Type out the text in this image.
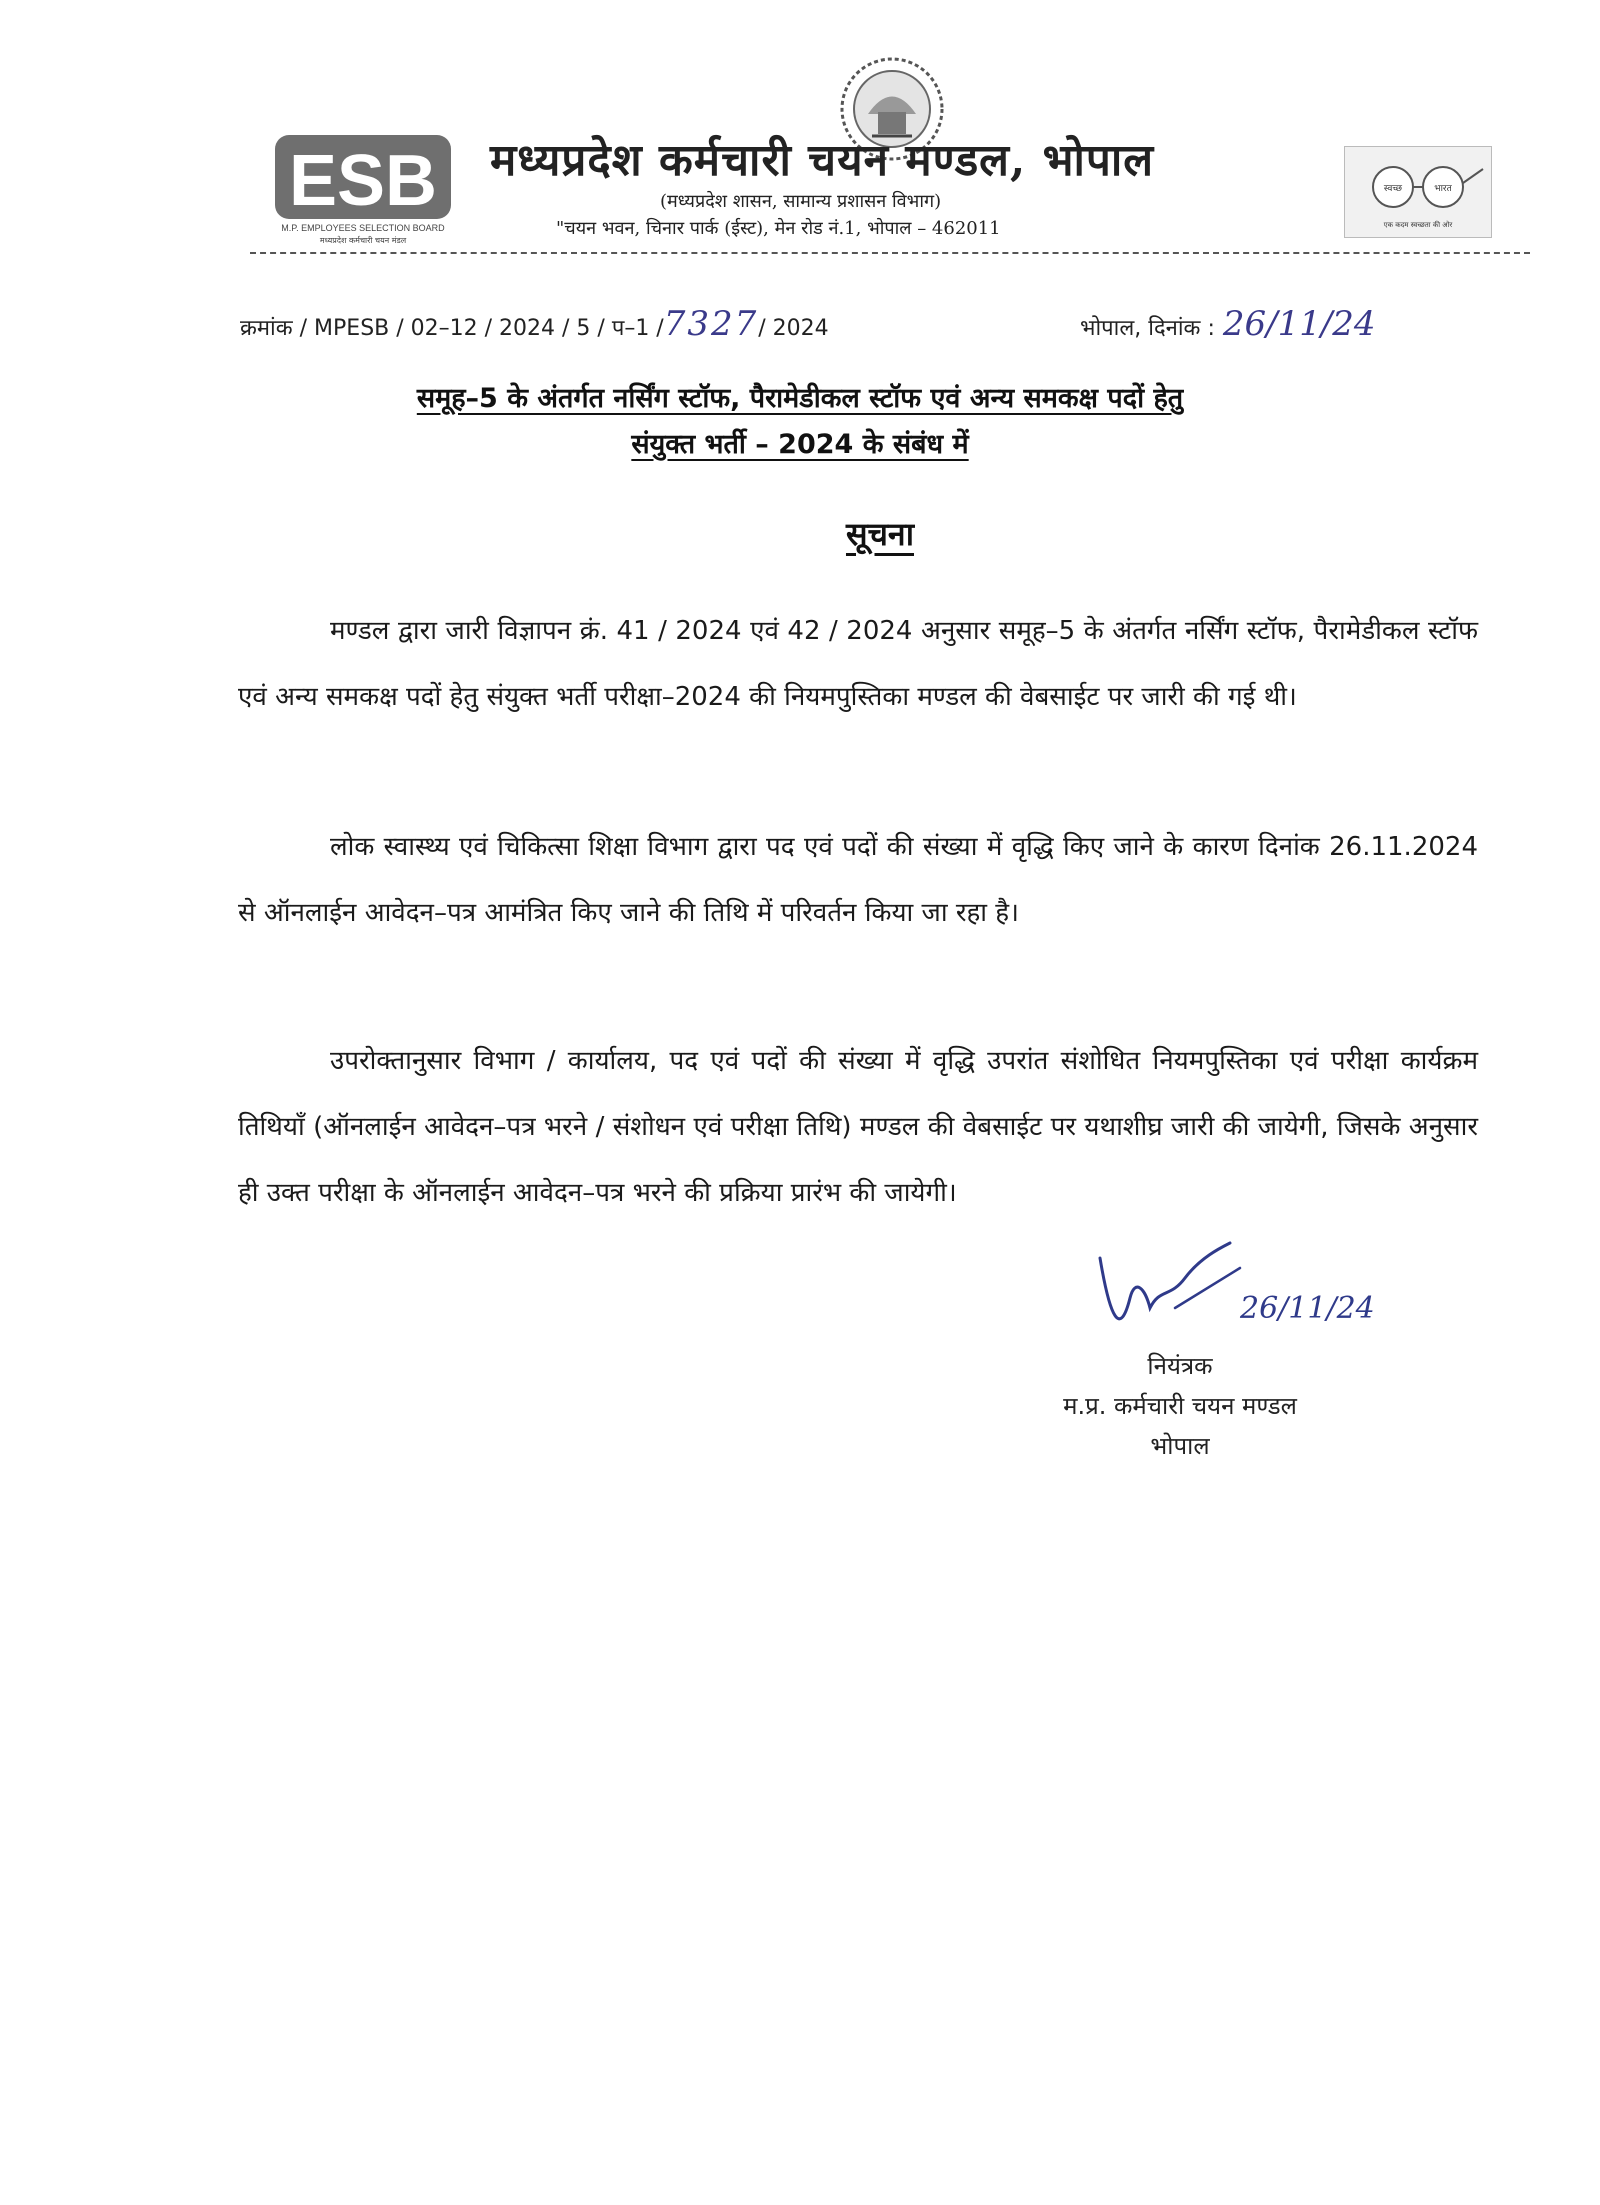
ESB
M.P. EMPLOYEES SELECTION BOARD
मध्यप्रदेश कर्मचारी चयन मंडल
स्वच्छ	भारत
एक कदम स्वच्छता की ओर
मध्यप्रदेश कर्मचारी चयन मण्डल, भोपाल
(मध्यप्रदेश शासन, सामान्य प्रशासन विभाग)
"चयन भवन, चिनार पार्क (ईस्ट), मेन रोड नं.1, भोपाल – 462011
क्रमांक / MPESB / 02–12 / 2024 / 5 / प–1 /7327/ 2024	भोपाल, दिनांक : 26/11/24
समूह–5 के अंतर्गत नर्सिंग स्टॉफ, पैरामेडीकल स्टॉफ एवं अन्य समकक्ष पदों हेतु
संयुक्त भर्ती – 2024 के संबंध में
सूचना
मण्डल द्वारा जारी विज्ञापन क्रं. 41 / 2024 एवं 42 / 2024 अनुसार समूह–5 के अंतर्गत नर्सिंग स्टॉफ, पैरामेडीकल स्टॉफ एवं अन्य समकक्ष पदों हेतु संयुक्त भर्ती परीक्षा–2024 की नियमपुस्तिका मण्डल की वेबसाईट पर जारी की गई थी।
लोक स्वास्थ्य एवं चिकित्सा शिक्षा विभाग द्वारा पद एवं पदों की संख्या में वृद्धि किए जाने के कारण दिनांक 26.11.2024 से ऑनलाईन आवेदन–पत्र आमंत्रित किए जाने की तिथि में परिवर्तन किया जा रहा है।
उपरोक्तानुसार विभाग / कार्यालय, पद एवं पदों की संख्या में वृद्धि उपरांत संशोधित नियमपुस्तिका एवं परीक्षा कार्यक्रम तिथियॉं (ऑनलाईन आवेदन–पत्र भरने / संशोधन एवं परीक्षा तिथि) मण्डल की वेबसाईट पर यथाशीघ्र जारी की जायेगी, जिसके अनुसार ही उक्त परीक्षा के ऑनलाईन आवेदन–पत्र भरने की प्रक्रिया प्रारंभ की जायेगी।
26/11/24
नियंत्रक
म.प्र. कर्मचारी चयन मण्डल
भोपाल
